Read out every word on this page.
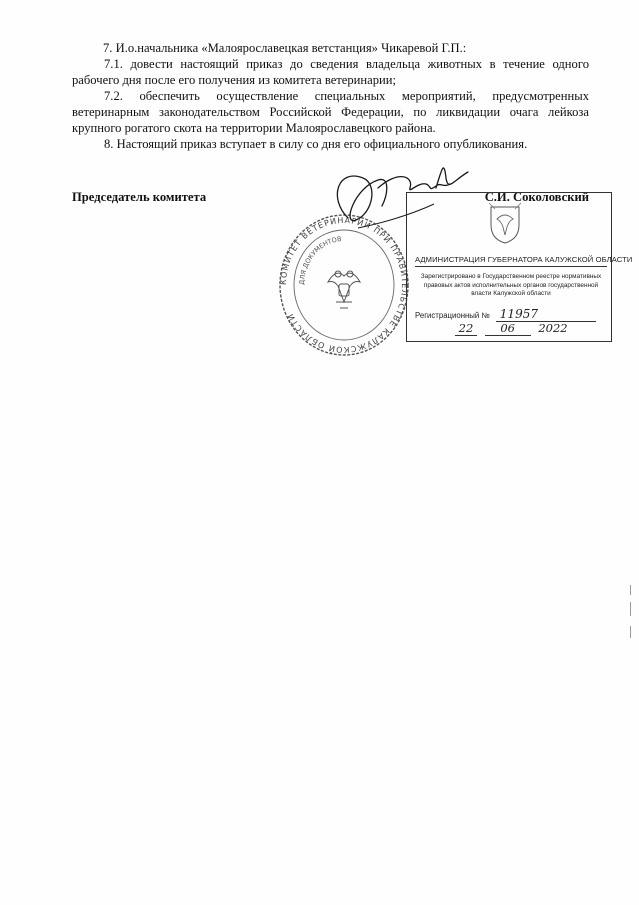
7. И.о.начальника «Малоярославецкая ветстанция» Чикаревой Г.П.:

7.1. довести настоящий приказ до сведения владельца животных в течение одного рабочего дня после его получения из комитета ветеринарии;

7.2. обеспечить осуществление специальных мероприятий, предусмотренных ветеринарным законодательством Российской Федерации, по ликвидации очага лейкоза крупного рогатого скота на территории Малоярославецкого района.

8. Настоящий приказ вступает в силу со дня его официального опубликования.

Председатель комитета	С.И. Соколовский
КОМИТЕТ ВЕТЕРИНАРИИ ПРИ ПРАВИТЕЛЬСТВЕ КАЛУЖСКОЙ ОБЛАСТИ
ДЛЯ ДОКУМЕНТОВ
АДМИНИСТРАЦИЯ ГУБЕРНАТОРА КАЛУЖСКОЙ ОБЛАСТИ
Зарегистрировано в Государственном реестре нормативных правовых актов исполнительных органов государственной власти Калужской области
Регистрационный № 11957
22 06 2022
